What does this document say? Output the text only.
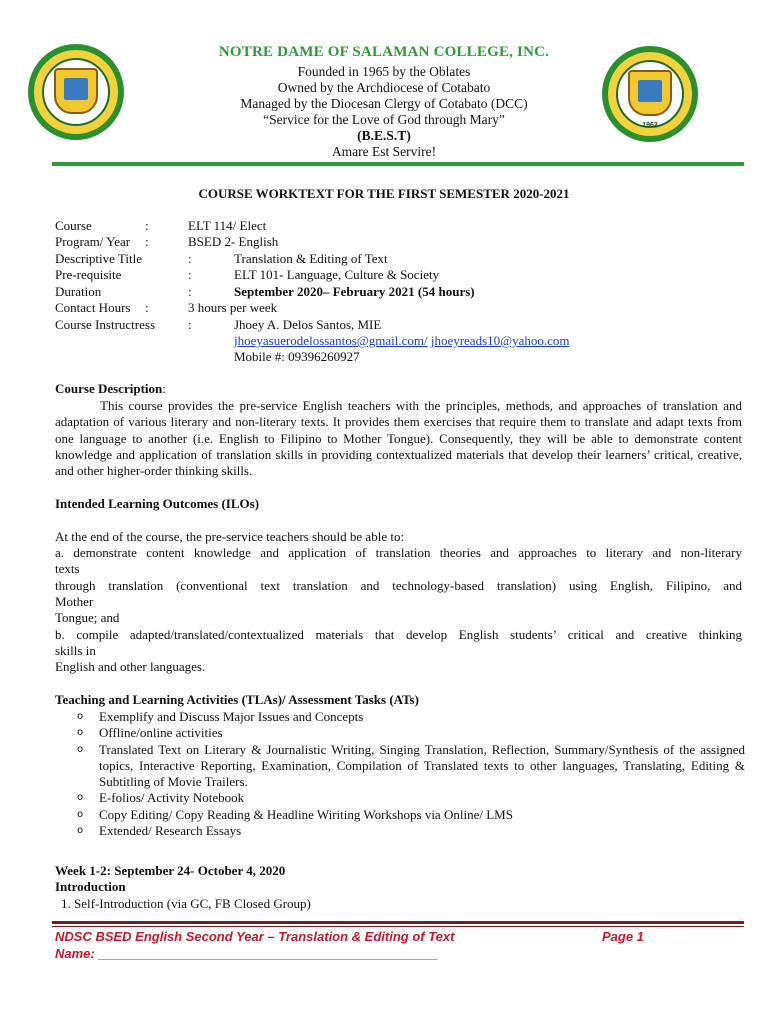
1962
NOTRE DAME OF SALAMAN COLLEGE, INC.
Founded in 1965 by the Oblates
Owned by the Archdiocese of Cotabato
Managed by the Diocesan Clergy of Cotabato (DCC)
“Service for the Love of God through Mary”
(B.E.S.T)
Amare Est Servire!
COURSE WORKTEXT FOR THE FIRST SEMESTER 2020-2021
Course	:	ELT 114/ Elect
Program/ Year :	BSED 2- English
Descriptive Title	:	Translation & Editing of Text
Pre-requisite	:	ELT 101- Language, Culture & Society
Duration	:	September 2020– February 2021 (54 hours)
Contact Hours :	3 hours per week
Course Instructress	:	Jhoey A. Delos Santos, MIE
jhoeyasuerodelossantos@gmail.com/ jhoeyreads10@yahoo.com
Mobile #: 09396260927
Course Description:
This course provides the pre-service English teachers with the principles, methods, and approaches of translation and adaptation of various literary and non-literary texts. It provides them exercises that require them to translate and adapt texts from one language to another (i.e. English to Filipino to Mother Tongue). Consequently, they will be able to demonstrate content knowledge and application of translation skills in providing contextualized materials that develop their learners’ critical, creative, and other higher-order thinking skills.
Intended Learning Outcomes (ILOs)
At the end of the course, the pre-service teachers should be able to:
a. demonstrate content knowledge and application of translation theories and approaches to literary and non-literary
texts
through translation (conventional text translation and technology-based translation) using English, Filipino, and
Mother
Tongue; and
b. compile adapted/translated/contextualized materials that develop English students’ critical and creative thinking
skills in
English and other languages.
Teaching and Learning Activities (TLAs)/ Assessment Tasks (ATs)
o Exemplify and Discuss Major Issues and Concepts
o Offline/online activities
o Translated Text on Literary & Journalistic Writing, Singing Translation, Reflection, Summary/Synthesis of the assigned topics, Interactive Reporting, Examination, Compilation of Translated texts to other languages, Translating, Editing & Subtitling of Movie Trailers.
o E-folios/ Activity Notebook
o Copy Editing/ Copy Reading & Headline Wiriting Workshops via Online/ LMS
o Extended/ Research Essays
Week 1-2: September 24- October 4, 2020
Introduction
1. Self-Introduction (via GC, FB Closed Group)
NDSC BSED English Second Year – Translation & Editing of Text	Page 1
Name: _______________________________________________
